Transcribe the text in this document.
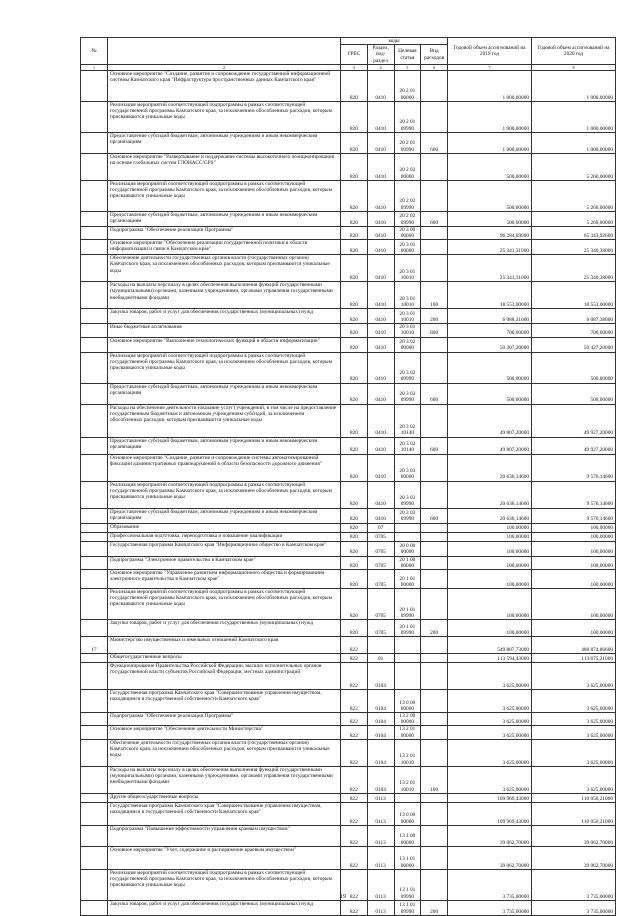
№		коды				Годовой объем ассигнований на 2019 год	Годовой объем ассигнований на 2020 год
		ГРБС	Раздел, под-раздел	Целевая статья	Вид расходов		
1	2	3	4	5	6	7	8
	Основное мероприятие "Создание, развитие и сопровождение государственной информационной системы Камчатского края "Инфраструктура пространственных данных Камчатского края"	820	0410	20 2 01 00000		1 000,00000	1 000,00000
	Реализация мероприятий соответствующей подпрограммы в рамках соответствующей государственной программы Камчатского края, за исключением обособленных расходов, которым присваиваются уникальные коды	820	0410	20 2 01 09990		1 000,00000	1 000,00000
	Предоставление субсидий бюджетным, автономным учреждениям и иным некоммерческим организациям	820	0410	20 2 01 09990	600	1 000,00000	1 000,00000
	Основное мероприятие "Развертывание и поддержание системы высокоточного позиционирования на основе глобальных систем ГЛОНАСС/GPS"	820	0410	20 2 02 00000		500,00000	5 260,00000
	Реализация мероприятий соответствующей подпрограммы в рамках соответствующей государственной программы Камчатского края, за исключением обособленных расходов, которым присваиваются уникальные коды	820	0410	20 2 02 09990		500,00000	5 260,00000
	Предоставление субсидий бюджетным, автономным учреждениям и иным некоммерческим организациям	820	0410	20 2 02 09990	600	500,00000	5 260,00000
	Подпрограмма "Обеспечение реализации Программы"	820	0410	20 3 00 00000		96 284,69000	65 343,92600
	Основное мероприятие "Обеспечение реализации государственной политики в области информатизации и связи в Камчатском крае"	820	0410	20 3 01 00000		25 341,31000	25 340,38000
	Обеспечение деятельности государственных органов власти (государственных органов) Камчатского края, за исключением обособленных расходов, которым присваиваются уникальные коды	820	0410	20 3 01 10010		25 341,31000	25 340,38000
	Расходы на выплаты персоналу в целях обеспечения выполнения функций государственными (муниципальными) органами, казенными учреждениями, органами управления государственными внебюджетными фондами	820	0410	20 3 01 10010	100	18 553,00000	18 553,00000
	Закупка товаров, работ и услуг для обеспечения государственных (муниципальных) нужд	820	0410	20 3 01 10010	200	6 088,31000	6 087,38000
	Иные бюджетные ассигнования	820	0410	20 3 01 10010	800	700,00000	700,00000
	Основное мероприятие "Выполнение технологических функций в области информатизации"	820	0410	20 3 02 00000		50 307,20000	50 427,20000
	Реализация мероприятий соответствующей подпрограммы в рамках соответствующей государственной программы Камчатского края, за исключением обособленных расходов, которым присваиваются уникальные коды	820	0410	20 3 02 09990		500,00000	500,00000
	Предоставление субсидий бюджетным, автономным учреждениям и иным некоммерческим организациям	820	0410	20 3 02 09990	600	500,00000	500,00000
	Расходы на обеспечение деятельности (оказание услуг) учреждений, в том числе на предоставление государственным бюджетным и автономным учреждениям субсидий, за исключением обособленных расходов, которым присваиваются уникальные коды	820	0410	20 3 02 10140		49 807,20000	49 927,20000
	Предоставление субсидий бюджетным, автономным учреждениям и иным некоммерческим организациям	820	0410	20 3 02 10140	600	49 807,20000	49 927,20000
	Основное мероприятие "Создание, развитие и сопровождение системы автоматизированной фиксации административных правонарушений в области безопасности дорожного движения"	820	0410	20 3 03 00000		20 636,14600	9 576,14600
	Реализация мероприятий соответствующей подпрограммы в рамках соответствующей государственной программы Камчатского края, за исключением обособленных расходов, которым присваиваются уникальные коды	820	0410	20 3 03 09990		20 636,14600	9 576,14600
	Предоставление субсидий бюджетным, автономным учреждениям и иным некоммерческим организациям	820	0410	20 3 03 09990	600	20 636,14600	9 576,14600
	Образование	820	07			100,00000	100,00000
	Профессиональная подготовка, переподготовка и повышение квалификации	820	0705			100,00000	100,00000
	Государственная программа Камчатского края "Информационное общество в Камчатском крае"	820	0705	20 0 00 00000		100,00000	100,00000
	Подпрограмма "Электронное правительство в Камчатском крае"	820	0705	20 1 00 00000		100,00000	100,00000
	Основное мероприятие "Управление развитием информационного общества и формированием электронного правительства в Камчатском крае"	820	0705	20 1 01 00000		100,00000	100,00000
	Реализация мероприятий соответствующей подпрограммы в рамках соответствующей государственной программы Камчатского края, за исключением обособленных расходов, которым присваиваются уникальные коды	820	0705	20 1 01 09990		100,00000	100,00000
	Закупка товаров, работ и услуг для обеспечения государственных (муниципальных) нужд	820	0705	20 1 01 09990	200	100,00000	100,00000
17	Министерство имущественных и земельных отношений Камчатского края	822				549 887,73000	488 874,86600
	Общегосударственные вопросы	822	01			113 594,43000	113 675,21000
	Функционирование Правительства Российской Федерации, высших исполнительных органов государственной власти субъектов Российской Федерации, местных администраций	822	0104			3 625,00000	3 625,00000
	Государственная программа Камчатского края "Совершенствование управления имуществом, находящимся в государственной собственности Камчатского края"	822	0104	13 0 00 00000		3 625,00000	3 625,00000
	Подпрограмма "Обеспечение реализации Программы"	822	0104	13 2 00 00000		3 625,00000	3 625,00000
	Основное мероприятие "Обеспечение деятельности Министерства"	822	0104	13 2 01 00000		3 625,00000	3 625,00000
	Обеспечение деятельности государственных органов власти (государственных органов) Камчатского края, за исключением обособленных расходов, которым присваиваются уникальные коды	822	0104	13 2 01 10010		3 625,00000	3 625,00000
	Расходы на выплаты персоналу в целях обеспечения выполнения функций государственными (муниципальными) органами, казенными учреждениями, органами управления государственными внебюджетными фондами	822	0104	13 2 01 10010	100	3 625,00000	3 625,00000
	Другие общегосударственные вопросы	822	0113			109 969,43000	110 050,21000
	Государственная программа Камчатского края "Совершенствование управления имуществом, находящимся в государственной собственности Камчатского края"	822	0113	13 0 00 00000		109 969,43000	110 050,21000
	Подпрограмма "Повышение эффективности управления краевым имуществом"	822	0113	13 1 00 00000		39 062,70000	39 062,70000
	Основное мероприятие "Учет, содержание и распоряжение краевым имуществом"	822	0113	13 1 01 00000		39 062,70000	39 062,70000
	Реализация мероприятий соответствующей подпрограммы в рамках соответствующей государственной программы Камчатского края, за исключением обособленных расходов, которым присваиваются уникальные коды	822	0113	13 1 01 09990		3 735,00000	3 735,00000
	Закупка товаров, работ и услуг для обеспечения государственных (муниципальных) нужд	822	0113	13 1 01 09990	200	3 735,00000	3 735,00000
19
